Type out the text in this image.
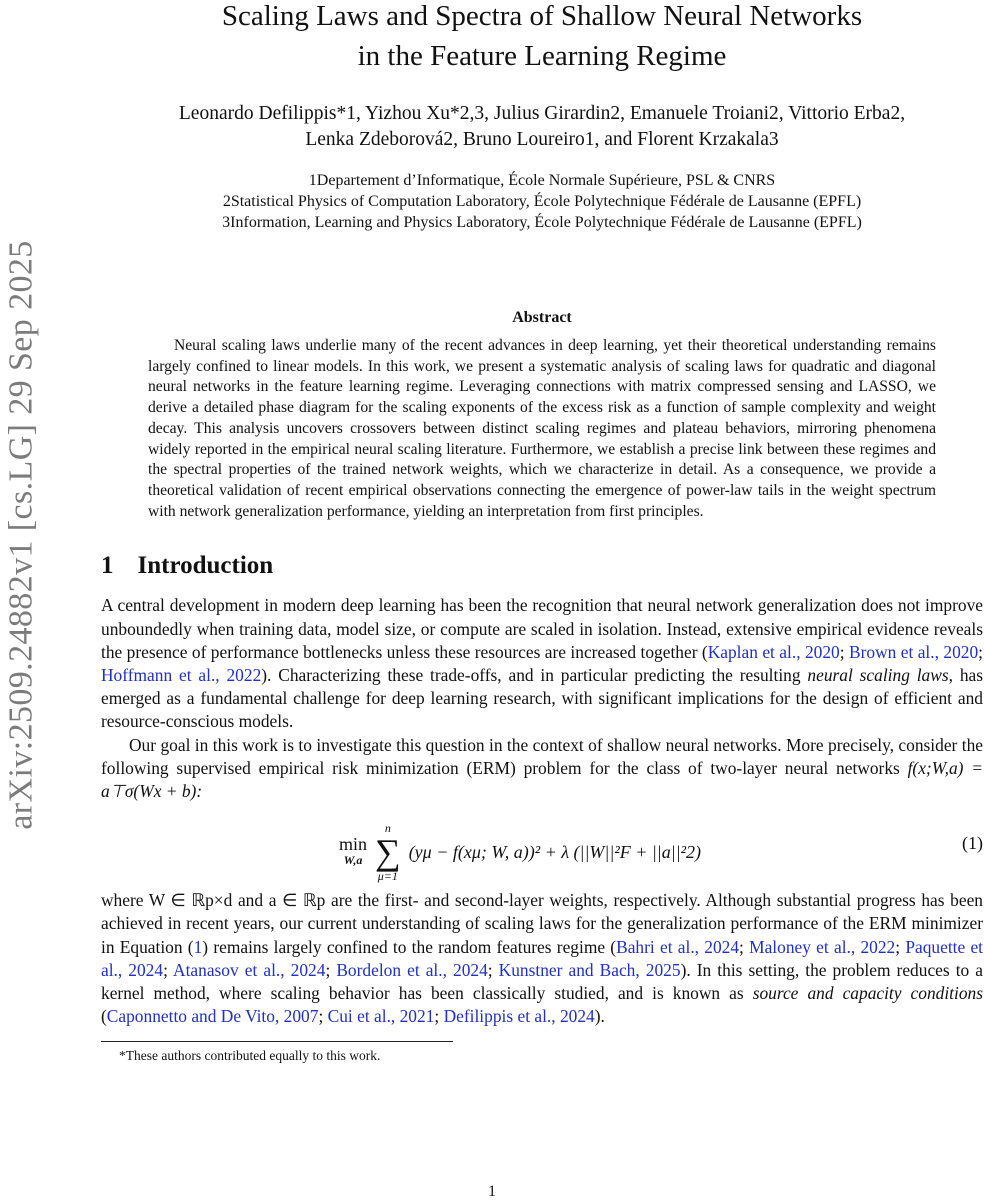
arXiv:2509.24882v1 [cs.LG] 29 Sep 2025
Scaling Laws and Spectra of Shallow Neural Networks
in the Feature Learning Regime
Leonardo Defilippis*1, Yizhou Xu*2,3, Julius Girardin2, Emanuele Troiani2, Vittorio Erba2,
Lenka Zdeborová2, Bruno Loureiro1, and Florent Krzakala3
1Departement d’Informatique, École Normale Supérieure, PSL & CNRS
2Statistical Physics of Computation Laboratory, École Polytechnique Fédérale de Lausanne (EPFL)
3Information, Learning and Physics Laboratory, École Polytechnique Fédérale de Lausanne (EPFL)
Abstract

Neural scaling laws underlie many of the recent advances in deep learning, yet their theoretical understanding remains largely confined to linear models. In this work, we present a systematic analysis of scaling laws for quadratic and diagonal neural networks in the feature learning regime. Leveraging connections with matrix compressed sensing and LASSO, we derive a detailed phase diagram for the scaling exponents of the excess risk as a function of sample complexity and weight decay. This analysis uncovers crossovers between distinct scaling regimes and plateau behaviors, mirroring phenomena widely reported in the empirical neural scaling literature. Furthermore, we establish a precise link between these regimes and the spectral properties of the trained network weights, which we characterize in detail. As a consequence, we provide a theoretical validation of recent empirical observations connecting the emergence of power-law tails in the weight spectrum with network generalization performance, yielding an interpretation from first principles.

1 Introduction

A central development in modern deep learning has been the recognition that neural network generalization does not improve unboundedly when training data, model size, or compute are scaled in isolation. Instead, extensive empirical evidence reveals the presence of performance bottlenecks unless these resources are increased together (Kaplan et al., 2020; Brown et al., 2020; Hoffmann et al., 2022). Characterizing these trade-offs, and in particular predicting the resulting neural scaling laws, has emerged as a fundamental challenge for deep learning research, with significant implications for the design of efficient and resource-conscious models.

Our goal in this work is to investigate this question in the context of shallow neural networks. More precisely, consider the following supervised empirical risk minimization (ERM) problem for the class of two-layer neural networks f(x;W,a) = a⊤σ(Wx + b):

min
W,a
n
∑
μ=1
(yμ − f(xμ; W, a))² + λ (||W||²F + ||a||²2)	(1)

where W ∈ ℝp×d and a ∈ ℝp are the first- and second-layer weights, respectively. Although substantial progress has been achieved in recent years, our current understanding of scaling laws for the generalization performance of the ERM minimizer in Equation (1) remains largely confined to the random features regime (Bahri et al., 2024; Maloney et al., 2022; Paquette et al., 2024; Atanasov et al., 2024; Bordelon et al., 2024; Kunstner and Bach, 2025). In this setting, the problem reduces to a kernel method, where scaling behavior has been classically studied, and is known as source and capacity conditions (Caponnetto and De Vito, 2007; Cui et al., 2021; Defilippis et al., 2024).

*These authors contributed equally to this work.
1
